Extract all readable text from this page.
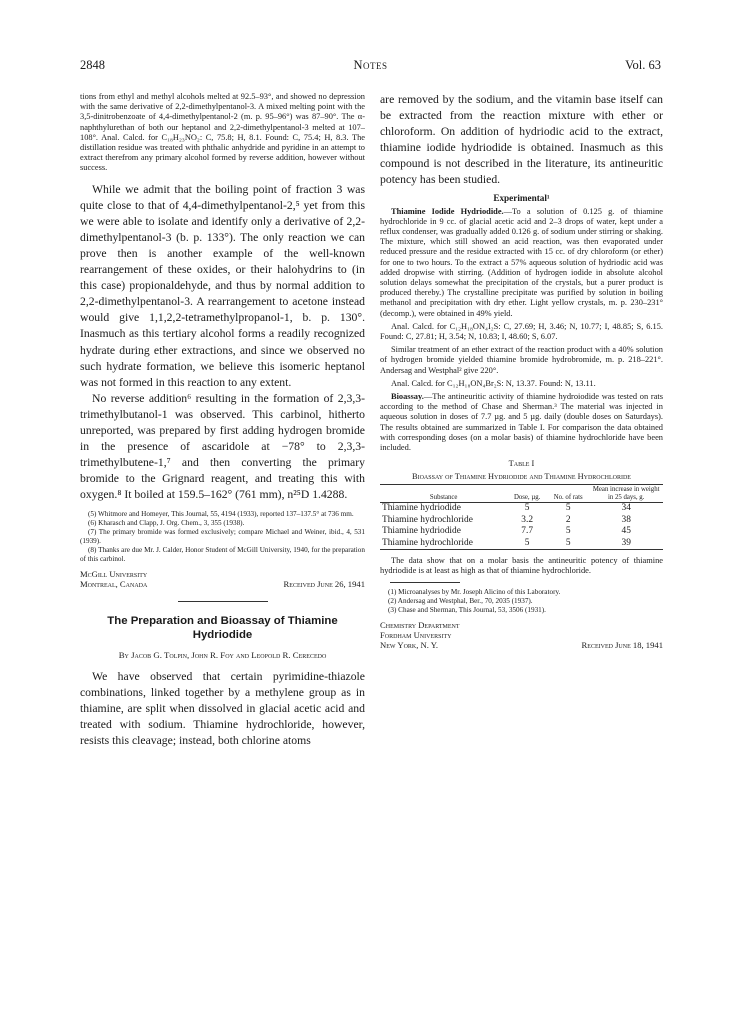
2848	Notes	Vol. 63

tions from ethyl and methyl alcohols melted at 92.5–93°, and showed no depression with the same derivative of 2,2-dimethylpentanol-3. A mixed melting point with the 3,5-dinitrobenzoate of 4,4-dimethylpentanol-2 (m. p. 95–96°) was 87–90°. The α-naphthylurethan of both our heptanol and 2,2-dimethylpentanol-3 melted at 107–108°. Anal. Calcd. for C₁₈H₂₃NO₂: C, 75.8; H, 8.1. Found: C, 75.4; H, 8.3. The distillation residue was treated with phthalic anhydride and pyridine in an attempt to extract therefrom any primary alcohol formed by reverse addition, however without success.

While we admit that the boiling point of fraction 3 was quite close to that of 4,4-dimethylpentanol-2,⁵ yet from this we were able to isolate and identify only a derivative of 2,2-dimethylpentanol-3 (b. p. 133°). The only reaction we can prove then is another example of the well-known rearrangement of these oxides, or their halohydrins to (in this case) propionaldehyde, and thus by normal addition to 2,2-dimethylpentanol-3. A rearrangement to acetone instead would give 1,1,2,2-tetramethylpropanol-1, b. p. 130°. Inasmuch as this tertiary alcohol forms a readily recognized hydrate during ether extractions, and since we observed no such hydrate formation, we believe this isomeric heptanol was not formed in this reaction to any extent.

No reverse addition⁶ resulting in the formation of 2,3,3-trimethylbutanol-1 was observed. This carbinol, hitherto unreported, was prepared by first adding hydrogen bromide in the presence of ascaridole at −78° to 2,3,3-trimethylbutene-1,⁷ and then converting the primary bromide to the Grignard reagent, and treating this with oxygen.⁸ It boiled at 159.5–162° (761 mm), n²⁵D 1.4288.

(5) Whitmore and Homeyer, This Journal, 55, 4194 (1933), reported 137–137.5° at 736 mm.

(6) Kharasch and Clapp, J. Org. Chem., 3, 355 (1938).

(7) The primary bromide was formed exclusively; compare Michael and Weiner, ibid., 4, 531 (1939).

(8) Thanks are due Mr. J. Calder, Honor Student of McGill University, 1940, for the preparation of this carbinol.

McGill University
Montreal, Canada	Received June 26, 1941

The Preparation and Bioassay of Thiamine Hydriodide

By Jacob G. Tolpin, John R. Foy and Leopold R. Cerecedo

We have observed that certain pyrimidine-thiazole combinations, linked together by a methylene group as in thiamine, are split when dissolved in glacial acetic acid and treated with sodium. Thiamine hydrochloride, however, resists this cleavage; instead, both chlorine atoms

are removed by the sodium, and the vitamin base itself can be extracted from the reaction mixture with ether or chloroform. On addition of hydriodic acid to the extract, thiamine iodide hydriodide is obtained. Inasmuch as this compound is not described in the literature, its antineuritic potency has been studied.

Experimental¹

Thiamine Iodide Hydriodide.—To a solution of 0.125 g. of thiamine hydrochloride in 9 cc. of glacial acetic acid and 2–3 drops of water, kept under a reflux condenser, was gradually added 0.126 g. of sodium under stirring or shaking. The mixture, which still showed an acid reaction, was then evaporated under reduced pressure and the residue extracted with 15 cc. of dry chloroform (or ether) for one to two hours. To the extract a 57% aqueous solution of hydriodic acid was added dropwise with stirring. (Addition of hydrogen iodide in absolute alcohol solution delays somewhat the precipitation of the crystals, but a purer product is produced thereby.) The crystalline precipitate was purified by solution in boiling methanol and precipitation with dry ether. Light yellow crystals, m. p. 230–231° (decomp.), were obtained in 49% yield.

Anal. Calcd. for C₁₂H₁₈ON₄I₂S: C, 27.69; H, 3.46; N, 10.77; I, 48.85; S, 6.15. Found: C, 27.81; H, 3.54; N, 10.83; I, 48.60; S, 6.07.

Similar treatment of an ether extract of the reaction product with a 40% solution of hydrogen bromide yielded thiamine bromide hydrobromide, m. p. 218–221°. Andersag and Westphal² give 220°.

Anal. Calcd. for C₁₂H₁₈ON₄Br₂S: N, 13.37. Found: N, 13.11.

Bioassay.—The antineuritic activity of thiamine hydroiodide was tested on rats according to the method of Chase and Sherman.³ The material was injected in aqueous solution in doses of 7.7 µg. and 5 µg. daily (double doses on Saturdays). The results obtained are summarized in Table I. For comparison the data obtained with corresponding doses (on a molar basis) of thiamine hydrochloride have been included.

Table I

Bioassay of Thiamine Hydriodide and Thiamine Hydrochloride

Substance	Dose, µg.	No. of rats	Mean increase in weight in 25 days, g.
Thiamine hydriodide	5	5	34
Thiamine hydrochloride	3.2	2	38
Thiamine hydriodide	7.7	5	45
Thiamine hydrochloride	5	5	39

The data show that on a molar basis the antineuritic potency of thiamine hydriodide is at least as high as that of thiamine hydrochloride.

(1) Microanalyses by Mr. Joseph Alicino of this Laboratory.

(2) Andersag and Westphal, Ber., 70, 2035 (1937).

(3) Chase and Sherman, This Journal, 53, 3506 (1931).

Chemistry Department
Fordham University
New York, N. Y.	Received June 18, 1941
